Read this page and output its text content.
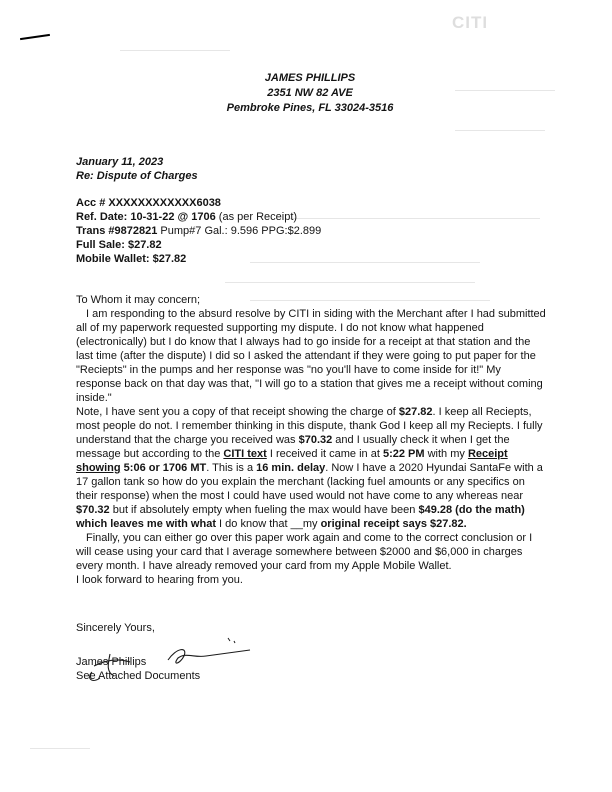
CITI
JAMES PHILLIPS
2351 NW 82 AVE
Pembroke Pines, FL 33024-3516
January 11, 2023
Re: Dispute of Charges
Acc # XXXXXXXXXXXX6038
Ref. Date: 10-31-22 @ 1706 (as per Receipt)
Trans #9872821 Pump#7 Gal.: 9.596 PPG:$2.899
Full Sale: $27.82
Mobile Wallet: $27.82

To Whom it may concern;

I am responding to the absurd resolve by CITI in siding with the Merchant after I had submitted all of my paperwork requested supporting my dispute. I do not know what happened (electronically) but I do know that I always had to go inside for a receipt at that station and the last time (after the dispute) I did so I asked the attendant if they were going to put paper for the "Reciepts" in the pumps and her response was "no you'll have to come inside for it!" My response back on that day was that, "I will go to a station that gives me a receipt without coming inside."

Note, I have sent you a copy of that receipt showing the charge of $27.82. I keep all Reciepts, most people do not. I remember thinking in this dispute, thank God I keep all my Reciepts. I fully understand that the charge you received was $70.32 and I usually check it when I get the message but according to the CITI text I received it came in at 5:22 PM with my Receipt showing 5:06 or 1706 MT. This is a 16 min. delay. Now I have a 2020 Hyundai SantaFe with a 17 gallon tank so how do you explain the merchant (lacking fuel amounts or any specifics on their response) when the most I could have used would not have come to any whereas near $70.32 but if absolutely empty when fueling the max would have been $49.28 (do the math) which leaves me with what I do know that __my original receipt says $27.82.

Finally, you can either go over this paper work again and come to the correct conclusion or I will cease using your card that I average somewhere between $2000 and $6,000 in charges every month. I have already removed your card from my Apple Mobile Wallet.

I look forward to hearing from you.

Sincerely Yours,

James Phillips

See Attached Documents
